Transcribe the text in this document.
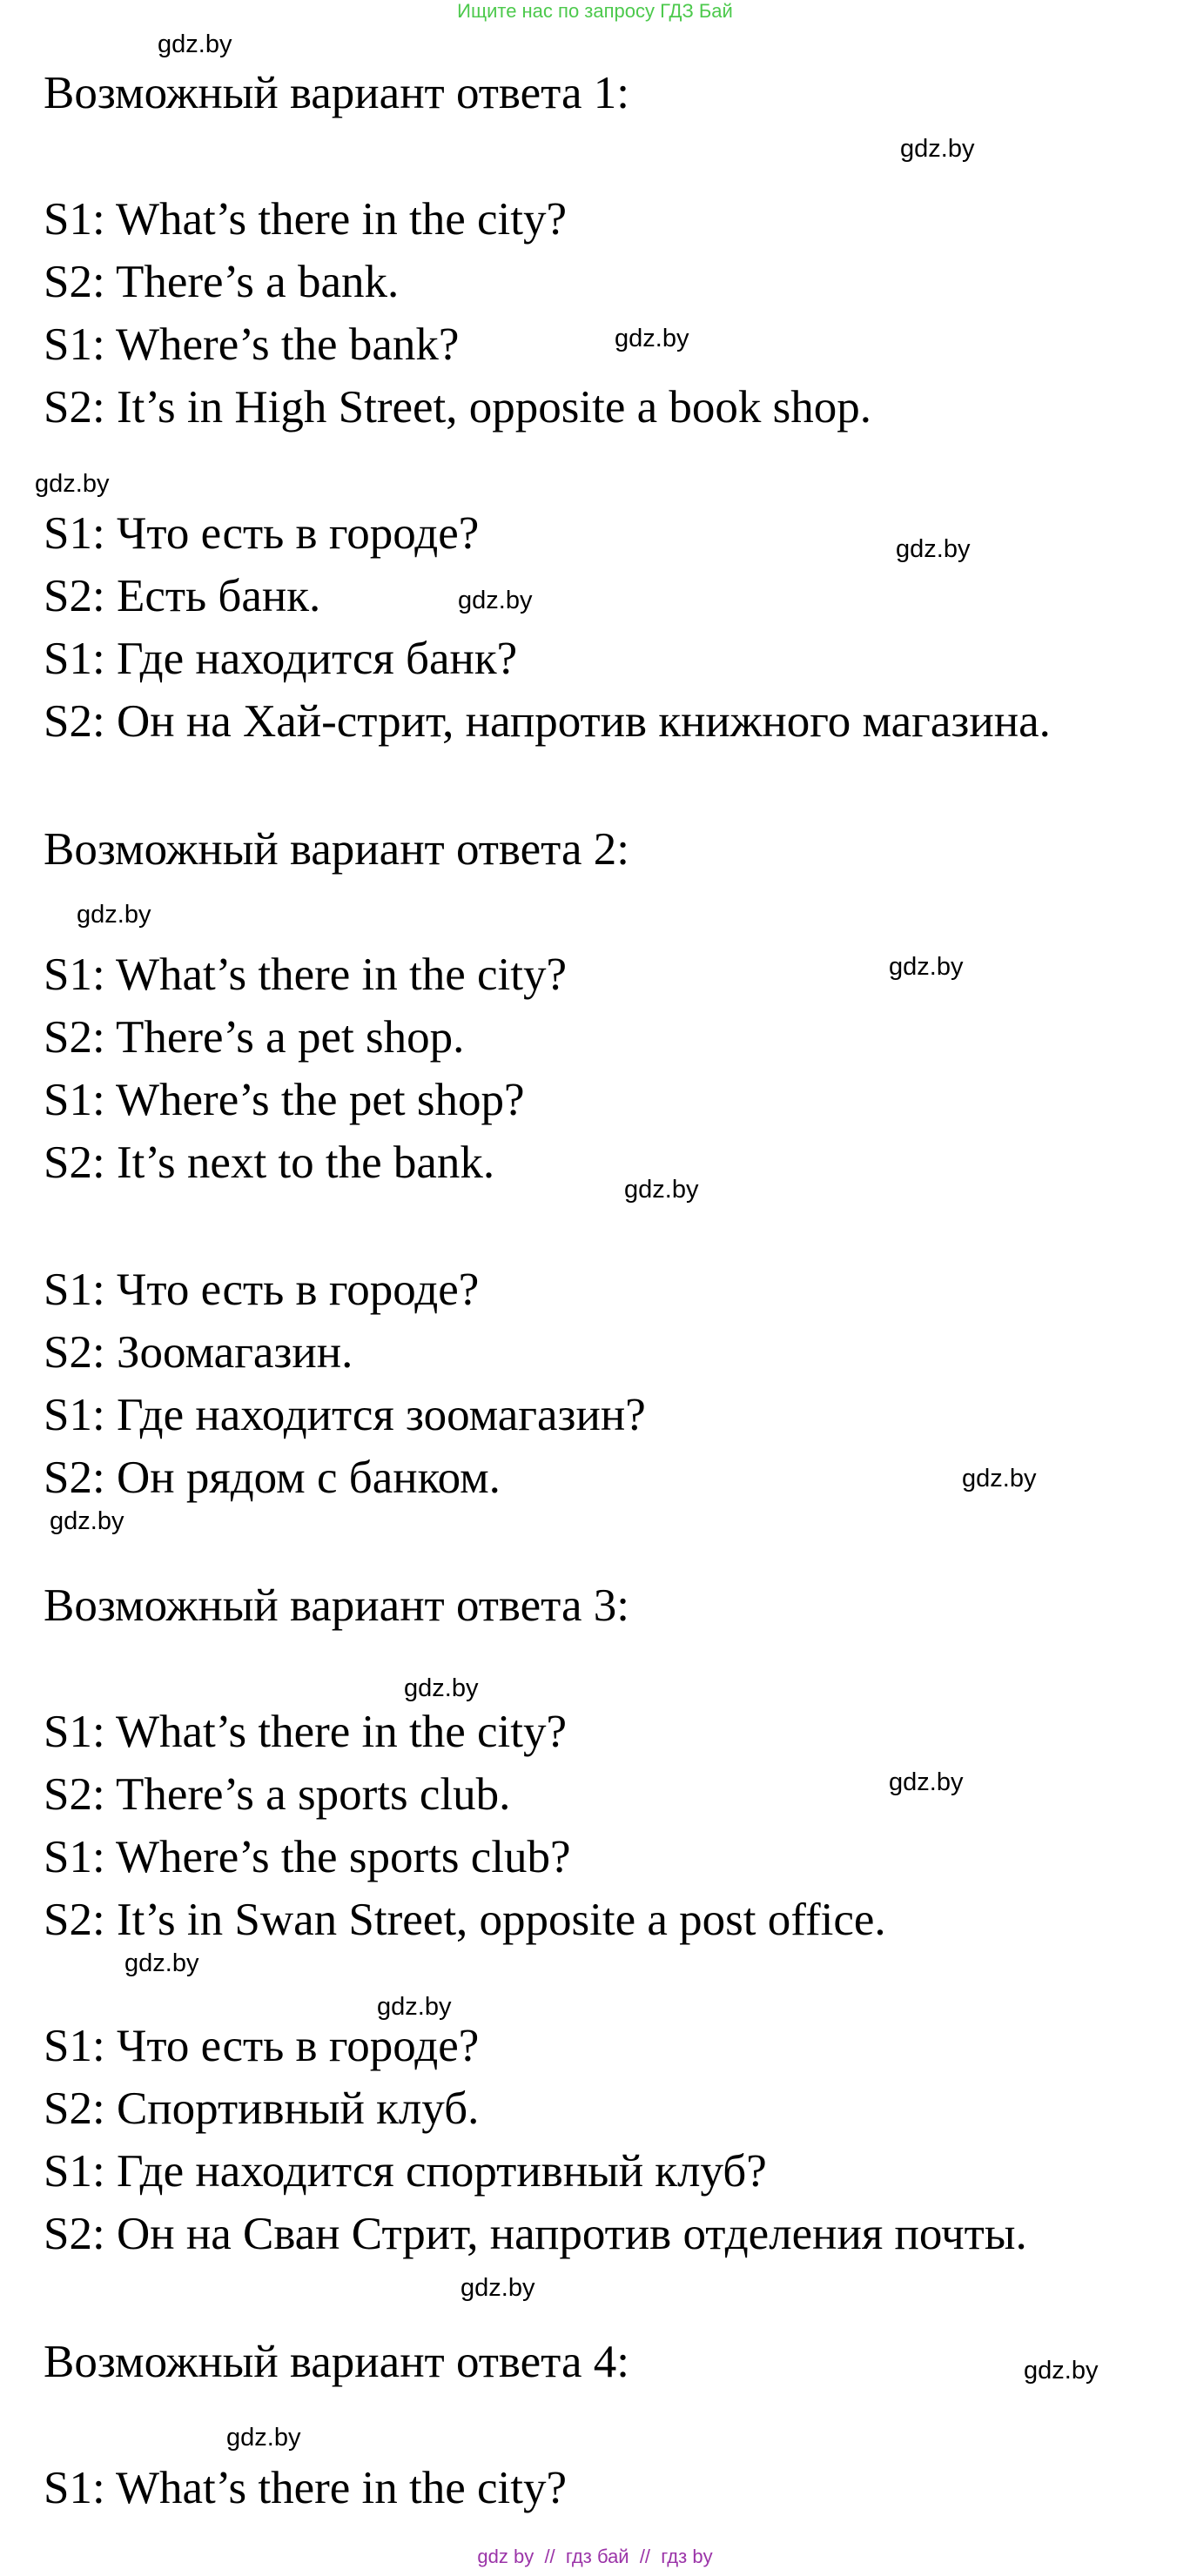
Ищите нас по запросу ГДЗ Бай
Возможный вариант ответа 1:
S1: What’s there in the city?
S2: There’s a bank.
S1: Where’s the bank?
S2: It’s in High Street, opposite a book shop.
S1: Что есть в городе?
S2: Есть банк.
S1: Где находится банк?
S2: Он на Хай-стрит, напротив книжного магазина.
Возможный вариант ответа 2:
S1: What’s there in the city?
S2: There’s a pet shop.
S1: Where’s the pet shop?
S2: It’s next to the bank.
S1: Что есть в городе?
S2: Зоомагазин.
S1: Где находится зоомагазин?
S2: Он рядом с банком.
Возможный вариант ответа 3:
S1: What’s there in the city?
S2: There’s a sports club.
S1: Where’s the sports club?
S2: It’s in Swan Street, opposite a post office.
S1: Что есть в городе?
S2: Спортивный клуб.
S1: Где находится спортивный клуб?
S2: Он на Сван Стрит, напротив отделения почты.
Возможный вариант ответа 4:
S1: What’s there in the city?
gdz.by
gdz.by
gdz.by
gdz.by
gdz.by
gdz.by
gdz.by
gdz.by
gdz.by
gdz.by
gdz.by
gdz.by
gdz.by
gdz.by
gdz.by
gdz.by
gdz.by
gdz.by
gdz by  //  гдз бай  //  гдз by
